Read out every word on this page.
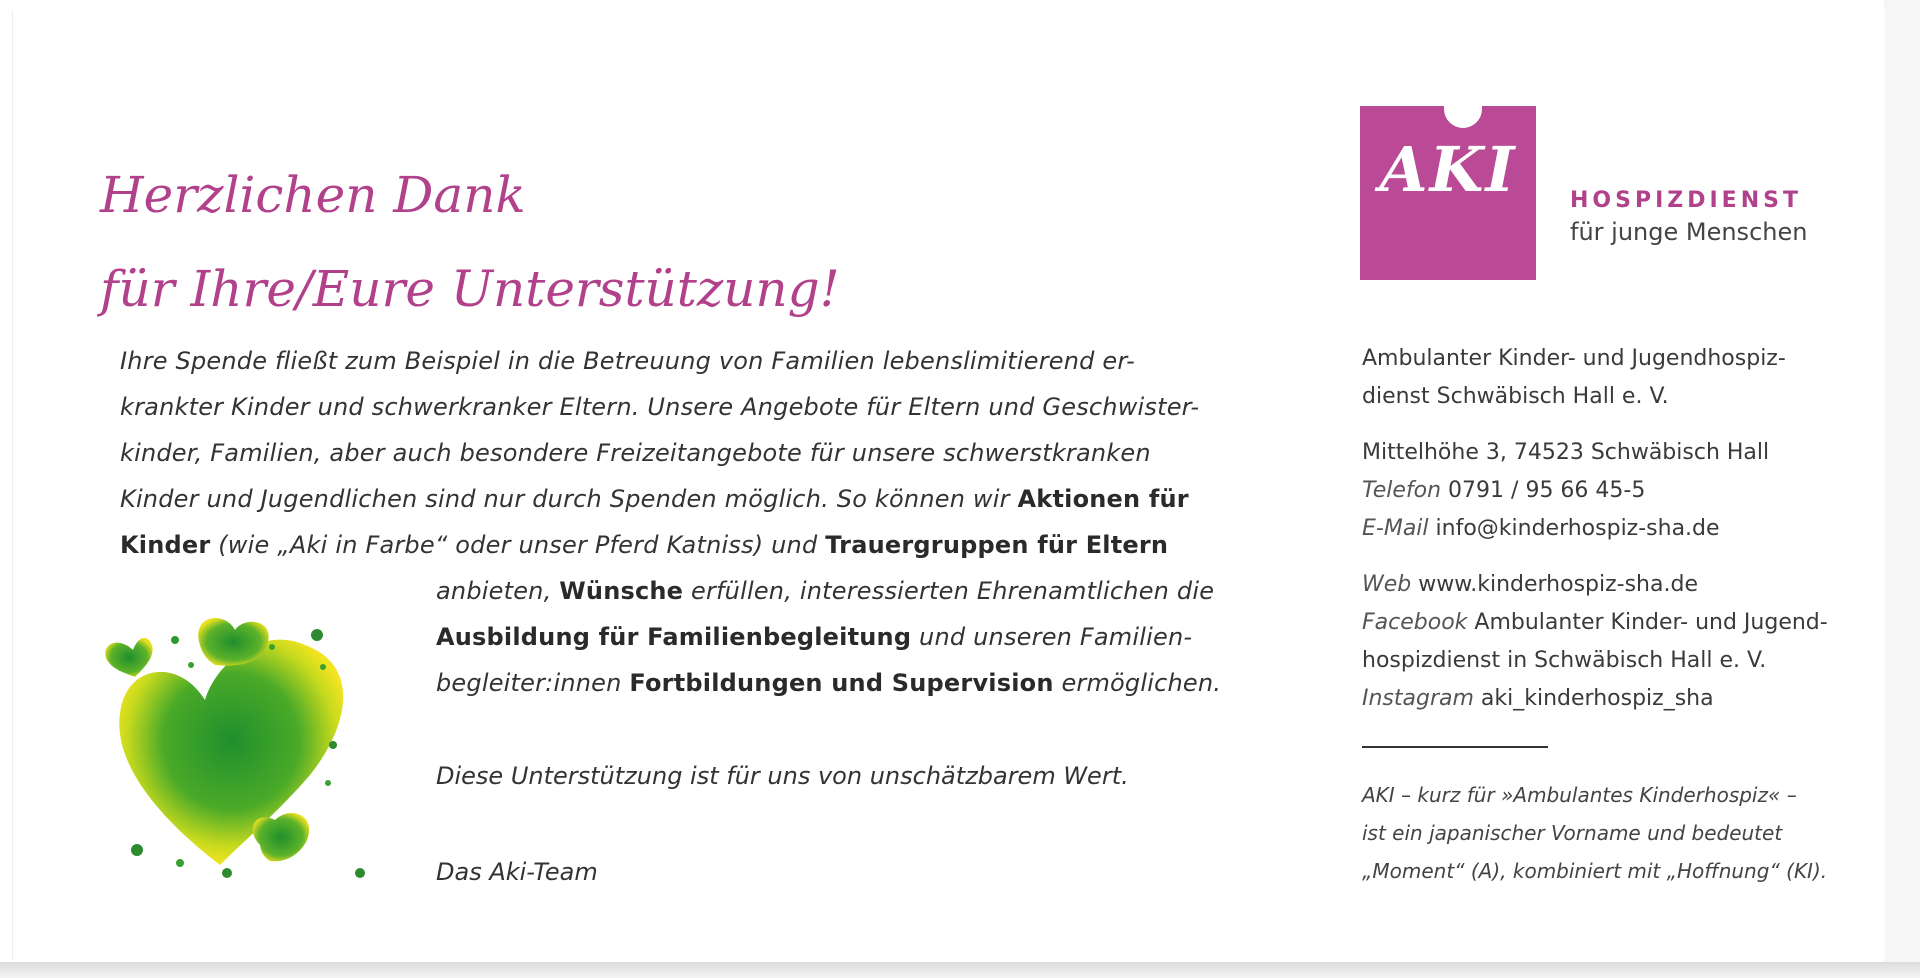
Herzlichen Dank
für Ihre/Eure Unterstützung!
Ihre Spende fließt zum Beispiel in die Betreuung von Familien lebenslimitierend er-
krankter Kinder und schwerkranker Eltern. Unsere Angebote für Eltern und Geschwister-
kinder, Familien, aber auch besondere Freizeitangebote für unsere schwerstkranken
Kinder und Jugendlichen sind nur durch Spenden möglich. So können wir Aktionen für
Kinder (wie „Aki in Farbe“ oder unser Pferd Katniss) und Trauergruppen für Eltern
anbieten, Wünsche erfüllen, interessierten Ehrenamtlichen die
Ausbildung für Familienbegleitung und unseren Familien-
begleiter:innen Fortbildungen und Supervision ermöglichen.
Diese Unterstützung ist für uns von unschätzbarem Wert.
Das Aki-Team
AKI	HOSPIZDIENST
für junge Menschen
Ambulanter Kinder- und Jugendhospiz-
dienst Schwäbisch Hall e. V.
Mittelhöhe 3, 74523 Schwäbisch Hall
Telefon 0791 / 95 66 45-5
E-Mail info@kinderhospiz-sha.de
Web www.kinderhospiz-sha.de
Facebook Ambulanter Kinder- und Jugend-
hospizdienst in Schwäbisch Hall e. V.
Instagram aki_kinderhospiz_sha
AKI – kurz für »Ambulantes Kinderhospiz« –
ist ein japanischer Vorname und bedeutet
„Moment“ (A), kombiniert mit „Hoffnung“ (KI).
